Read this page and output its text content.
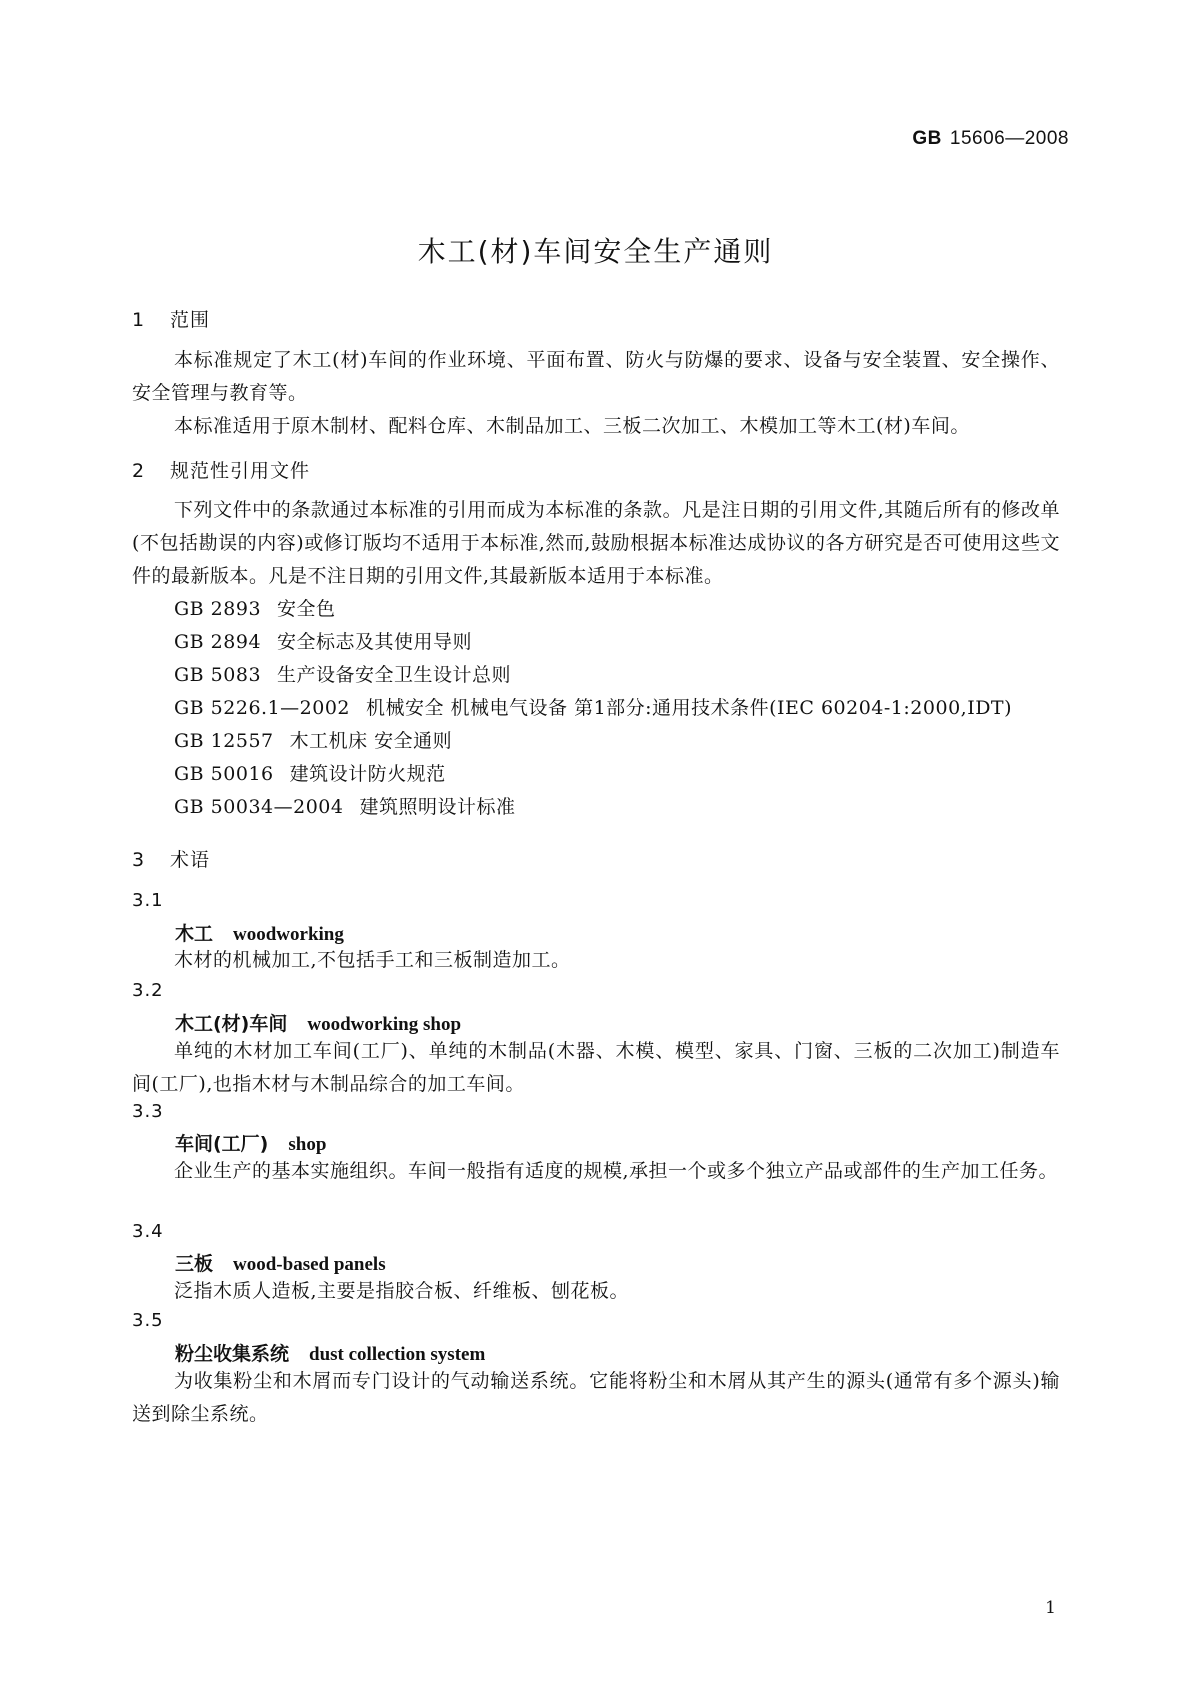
GB 15606—2008
木工(材)车间安全生产通则
1 范围

本标准规定了木工(材)车间的作业环境、平面布置、防火与防爆的要求、设备与安全装置、安全操作、安全管理与教育等。

本标准适用于原木制材、配料仓库、木制品加工、三板二次加工、木模加工等木工(材)车间。

2 规范性引用文件

下列文件中的条款通过本标准的引用而成为本标准的条款。凡是注日期的引用文件,其随后所有的修改单(不包括勘误的内容)或修订版均不适用于本标准,然而,鼓励根据本标准达成协议的各方研究是否可使用这些文件的最新版本。凡是不注日期的引用文件,其最新版本适用于本标准。

GB 2893 安全色

GB 2894 安全标志及其使用导则

GB 5083 生产设备安全卫生设计总则

GB 5226.1—2002 机械安全 机械电气设备 第1部分:通用技术条件(IEC 60204-1:2000,IDT)

GB 12557 木工机床 安全通则

GB 50016 建筑设计防火规范

GB 50034—2004 建筑照明设计标准

3 术语
3.1
木工 woodworking

木材的机械加工,不包括手工和三板制造加工。

3.2
木工(材)车间 woodworking shop

单纯的木材加工车间(工厂)、单纯的木制品(木器、木模、模型、家具、门窗、三板的二次加工)制造车间(工厂),也指木材与木制品综合的加工车间。

3.3
车间(工厂) shop

企业生产的基本实施组织。车间一般指有适度的规模,承担一个或多个独立产品或部件的生产加工任务。

3.4
三板 wood-based panels

泛指木质人造板,主要是指胶合板、纤维板、刨花板。

3.5
粉尘收集系统 dust collection system

为收集粉尘和木屑而专门设计的气动输送系统。它能将粉尘和木屑从其产生的源头(通常有多个源头)输送到除尘系统。

1
